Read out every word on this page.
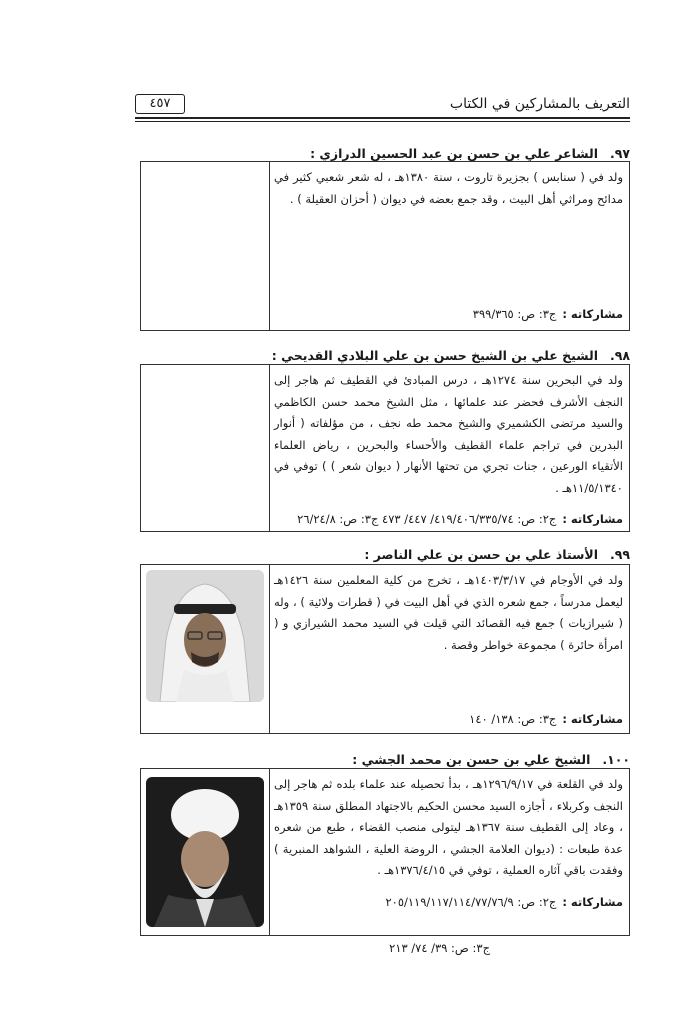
التعريف بالمشاركين في الكتاب
٤٥٧
٩٧.الشاعر علي بن حسن بن عبد الحسين الدرازي :

ولد في ( سنابس ) بجزيرة تاروت ، سنة ١٣٨٠هـ ، له شعر شعبي كثير في مدائح ومراثي أهل البيت ، وقد جمع بعضه في ديوان ( أحزان العقيلة ) .

مشاركاته :ج٣: ص: ٣٩٩/٣٦٥
٩٨.الشيخ علي بن الشيخ حسن بن علي البلادي القديحي :

ولد في البحرين سنة ١٢٧٤هـ ، درس المبادئ في القطيف ثم هاجر إلى النجف الأشرف فحضر عند علمائها ، مثل الشيخ محمد حسن الكاظمي والسيد مرتضى الكشميري والشيخ محمد طه نجف ، من مؤلفاته ( أنوار البدرين في تراجم علماء القطيف والأحساء والبحرين ، رياض العلماء الأتقياء الورعين ، جنات تجري من تحتها الأنهار ( ديوان شعر ) ) توفي في ١١/٥/١٣٤٠هـ .

مشاركاته :ج٢: ص: ٤١٩/٤٠٦/٣٣٥/٧٤/ ٤٤٧/ ٤٧٣ ج٣: ص: ٢٦/٢٤/٨
٩٩.الأستاذ علي بن حسن بن علي الناصر :

ولد في الأوجام في ١٤٠٣/٣/١٧هـ ، تخرج من كلية المعلمين سنة ١٤٢٦هـ ليعمل مدرساً ، جمع شعره الذي في أهل البيت في ( قطرات ولائية ) ، وله ( شيرازيات ) جمع فيه القصائد التي قيلت في السيد محمد الشيرازي و ( امرأة حائرة ) مجموعة خواطر وقصة .

مشاركاته :ج٣: ص: ١٣٨/ ١٤٠
١٠٠.الشيخ علي بن حسن بن محمد الجشي :

ولد في القلعة في ١٢٩٦/٩/١٧هـ ، بدأ تحصيله عند علماء بلده ثم هاجر إلى النجف وكربلاء ، أجازه السيد محسن الحكيم بالاجتهاد المطلق سنة ١٣٥٩هـ ، وعاد إلى القطيف سنة ١٣٦٧هـ ليتولى منصب القضاء ، طبع من شعره عدة طبعات : (ديوان العلامة الجشي ، الروضة العلية ، الشواهد المنبرية ) وفقدت باقي آثاره العملية ، توفي في ١٣٧٦/٤/١٥هـ .

مشاركاته :ج٢: ص: ٢٠٥/١١٩/١١٧/١١٤/٧٧/٧٦/٩
ج٣: ص: ٣٩/ ٧٤/ ٢١٣
